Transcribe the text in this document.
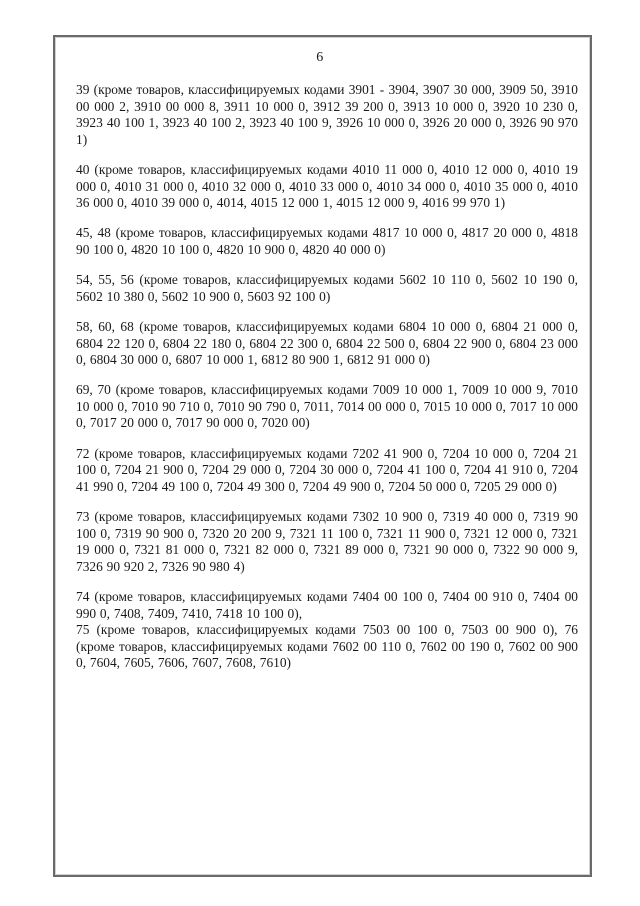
6

39 (кроме товаров, классифицируемых кодами 3901 - 3904, 3907 30 000, 3909 50, 3910 00 000 2, 3910 00 000 8, 3911 10 000 0, 3912 39 200 0, 3913 10 000 0, 3920 10 230 0, 3923 40 100 1, 3923 40 100 2, 3923 40 100 9, 3926 10 000 0, 3926 20 000 0, 3926 90 970 1)

40 (кроме товаров, классифицируемых кодами 4010 11 000 0, 4010 12 000 0, 4010 19 000 0, 4010 31 000 0, 4010 32 000 0, 4010 33 000 0, 4010 34 000 0, 4010 35 000 0, 4010 36 000 0, 4010 39 000 0, 4014, 4015 12 000 1, 4015 12 000 9, 4016 99 970 1)

45, 48 (кроме товаров, классифицируемых кодами 4817 10 000 0, 4817 20 000 0, 4818 90 100 0, 4820 10 100 0, 4820 10 900 0, 4820 40 000 0)

54, 55, 56 (кроме товаров, классифицируемых кодами 5602 10 110 0, 5602 10 190 0, 5602 10 380 0, 5602 10 900 0, 5603 92 100 0)

58, 60, 68 (кроме товаров, классифицируемых кодами 6804 10 000 0, 6804 21 000 0, 6804 22 120 0, 6804 22 180 0, 6804 22 300 0, 6804 22 500 0, 6804 22 900 0, 6804 23 000 0, 6804 30 000 0, 6807 10 000 1, 6812 80 900 1, 6812 91 000 0)

69, 70 (кроме товаров, классифицируемых кодами 7009 10 000 1, 7009 10 000 9, 7010 10 000 0, 7010 90 710 0, 7010 90 790 0, 7011, 7014 00 000 0, 7015 10 000 0, 7017 10 000 0, 7017 20 000 0, 7017 90 000 0, 7020 00)

72 (кроме товаров, классифицируемых кодами 7202 41 900 0, 7204 10 000 0, 7204 21 100 0, 7204 21 900 0, 7204 29 000 0, 7204 30 000 0, 7204 41 100 0, 7204 41 910 0, 7204 41 990 0, 7204 49 100 0, 7204 49 300 0, 7204 49 900 0, 7204 50 000 0, 7205 29 000 0)

73 (кроме товаров, классифицируемых кодами 7302 10 900 0, 7319 40 000 0, 7319 90 100 0, 7319 90 900 0, 7320 20 200 9, 7321 11 100 0, 7321 11 900 0, 7321 12 000 0, 7321 19 000 0, 7321 81 000 0, 7321 82 000 0, 7321 89 000 0, 7321 90 000 0, 7322 90 000 9, 7326 90 920 2, 7326 90 980 4)

74 (кроме товаров, классифицируемых кодами 7404 00 100 0, 7404 00 910 0, 7404 00 990 0, 7408, 7409, 7410, 7418 10 100 0),

75 (кроме товаров, классифицируемых кодами 7503 00 100 0, 7503 00 900 0), 76 (кроме товаров, классифицируемых кодами 7602 00 110 0, 7602 00 190 0, 7602 00 900 0, 7604, 7605, 7606, 7607, 7608, 7610)
